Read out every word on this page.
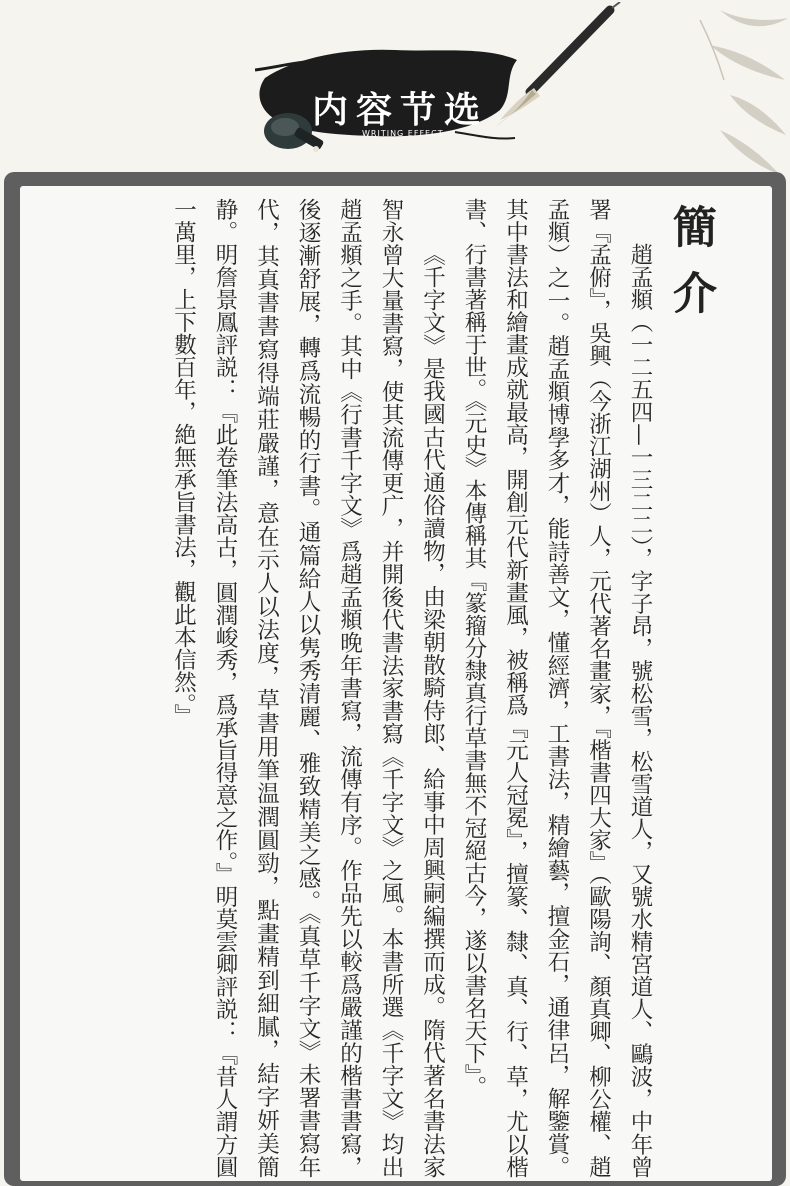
内容节选
WRITING EFFECT
簡介

趙孟頫（一二五四—一三二二），字子昂，號松雪，松雪道人，又號水精宮道人、鷗波，中年曾署『孟俯』，吳興（今浙江湖州）人，元代著名畫家，『楷書四大家』（歐陽詢、顏真卿、柳公權、趙孟頫）之一。趙孟頫博學多才，能詩善文，懂經濟，工書法，精繪藝，擅金石，通律呂，解鑒賞。其中書法和繪畫成就最高，開創元代新畫風，被稱爲『元人冠冕』，擅篆、隸、真、行、草，尤以楷書、行書著稱于世。《元史》本傳稱其『篆籀分隸真行草書無不冠絕古今，遂以書名天下』。

《千字文》是我國古代通俗讀物，由梁朝散騎侍郎、給事中周興嗣編撰而成。隋代著名書法家智永曾大量書寫，使其流傳更广，并開後代書法家書寫《千字文》之風。本書所選《千字文》均出趙孟頫之手。其中《行書千字文》爲趙孟頫晚年書寫，流傳有序。作品先以較爲嚴謹的楷書書寫，後逐漸舒展，轉爲流暢的行書。通篇給人以隽秀清麗、雅致精美之感。《真草千字文》未署書寫年代，其真書書寫得端莊嚴謹，意在示人以法度，草書用筆温潤圓勁，點畫精到細膩，結字妍美簡静。明詹景鳳評説：『此卷筆法高古，圓潤峻秀，爲承旨得意之作。』明莫雲卿評説：『昔人謂方圓一萬里，上下數百年，絶無承旨書法，觀此本信然。』
